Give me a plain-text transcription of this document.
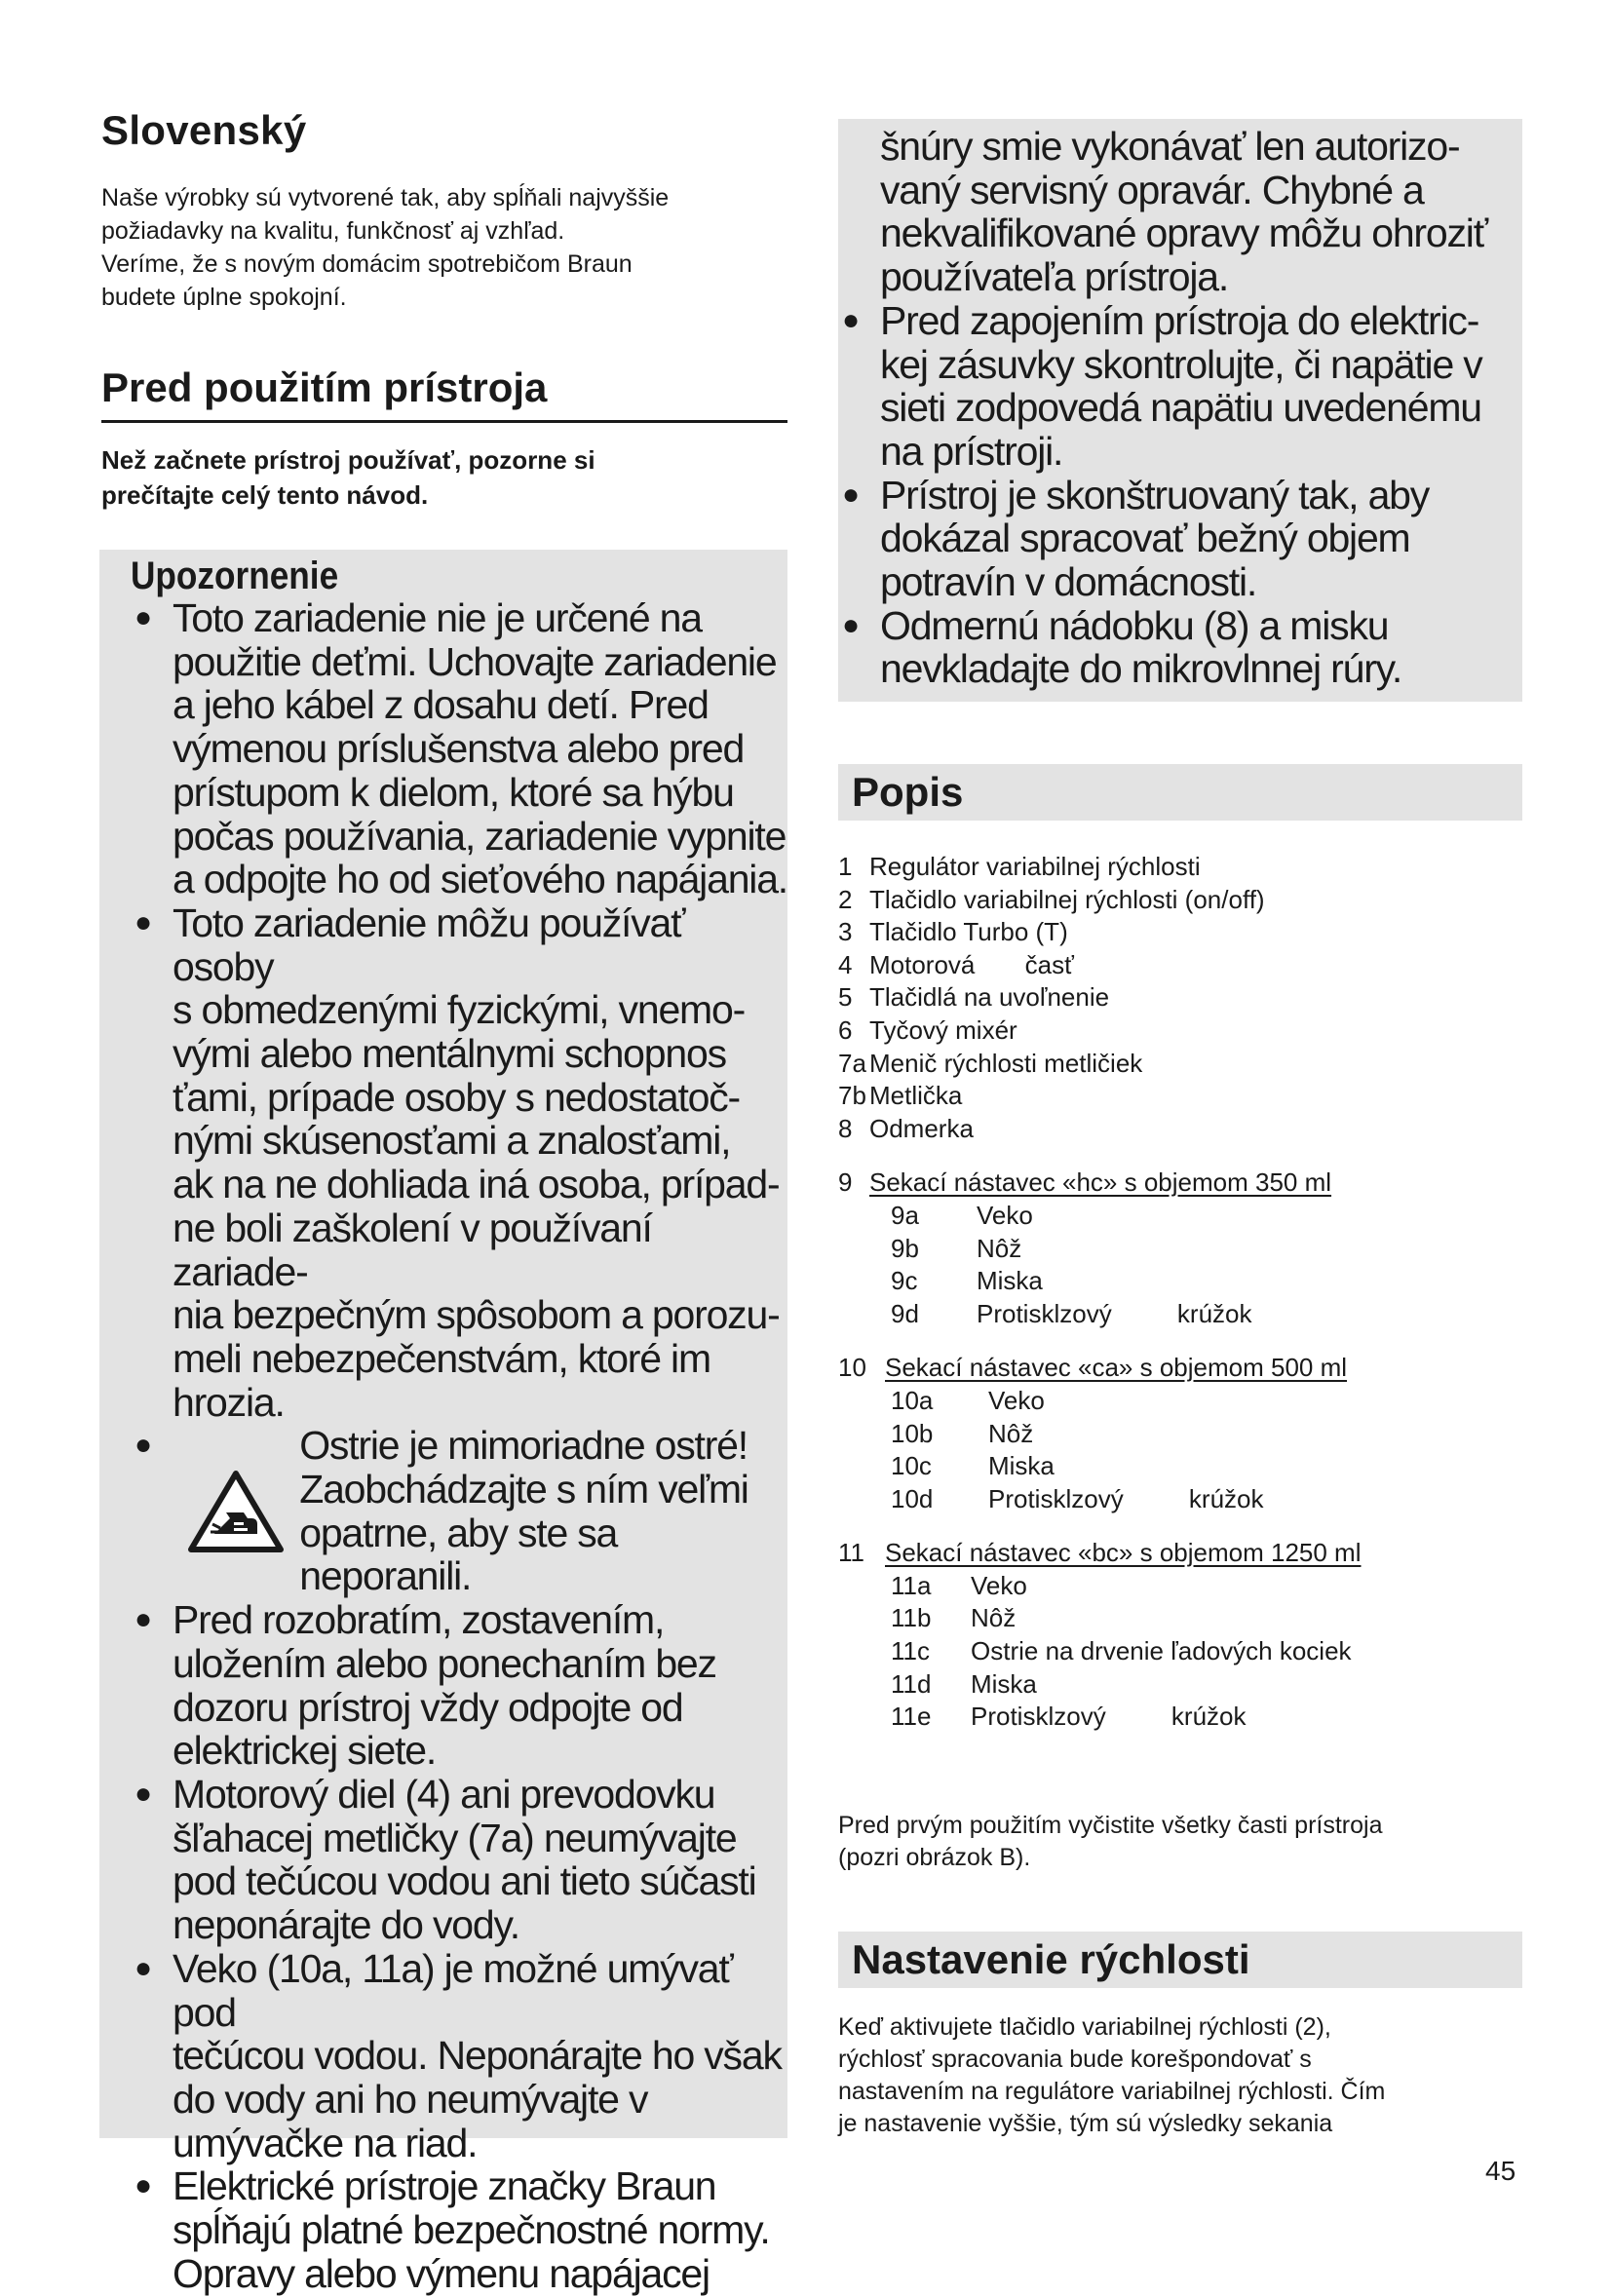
Slovenský

Naše výrobky sú vytvorené tak, aby spĺňali najvyššie

požiadavky na kvalitu, funkčnosť aj vzhľad.

Veríme, že s novým domácim spotrebičom Braun

budete úplne spokojní.

Pred použitím prístroja

Než začnete prístroj používať, pozorne si

prečítajte celý tento návod.

Upozornenie

● Toto zariadenie nie je určené na
použitie deťmi. Uchovajte zariadenie
a jeho kábel z dosahu detí. Pred
výmenou príslušenstva alebo pred
prístupom k dielom, ktoré sa hýbu
počas používania, zariadenie vypnite
a odpojte ho od sieťového napájania.
● Toto zariadenie môžu používať osoby
s obmedzenými fyzickými, vnemo-
vými alebo mentálnymi schopnos
ťami, prípade osoby s nedostatoč-
nými skúsenosťami a znalosťami,
ak na ne dohliada iná osoba, prípad-
ne boli zaškolení v používaní zariade-
nia bezpečným spôsobom a porozu-
meli nebezpečenstvám, ktoré im
hrozia.
●	Ostrie je mimoriadne ostré!
Zaobchádzajte s ním veľmi
opatrne, aby ste sa neporanili.
● Pred rozobratím, zostavením,
uložením alebo ponechaním bez
dozoru prístroj vždy odpojte od
elektrickej siete.
● Motorový diel (4) ani prevodovku
šľahacej metličky (7a) neumývajte
pod tečúcou vodou ani tieto súčasti
neponárajte do vody.
● Veko (10a, 11a) je možné umývať pod
tečúcou vodou. Neponárajte ho však
do vody ani ho neumývajte v
umývačke na riad.
● Elektrické prístroje značky Braun
spĺňajú platné bezpečnostné normy.
Opravy alebo výmenu napájacej
šnúry smie vykonávať len autorizo-
vaný servisný opravár. Chybné a
nekvalifikované opravy môžu ohroziť
používateľa prístroja.
● Pred zapojením prístroja do elektric-
kej zásuvky skontrolujte, či napätie v
sieti zodpovedá napätiu uvedenému
na prístroji.
● Prístroj je skonštruovaný tak, aby
dokázal spracovať bežný objem
potravín v domácnosti.
● Odmernú nádobku (8) a misku
nevkladajte do mikrovlnnej rúry.

Popis

1 Regulátor variabilnej rýchlosti
2 Tlačidlo variabilnej rýchlosti (on/off)
3 Tlačidlo Turbo (T)
4 Motorová časť
5 Tlačidlá na uvoľnenie
6 Tyčový mixér
7a Menič rýchlosti metličiek
7b Metlička
8 Odmerka
9 Sekací nástavec «hc» s objemom 350 ml
9a	Veko
9b	Nôž
9c	Miska
9d	Protisklzový krúžok
10 Sekací nástavec «ca» s objemom 500 ml
10a	Veko
10b	Nôž
10c	Miska
10d	Protisklzový krúžok
11 Sekací nástavec «bc» s objemom 1250 ml
11a	Veko
11b	Nôž
11c	Ostrie na drvenie ľadových kociek
11d	Miska
11e	Protisklzový krúžok

Pred prvým použitím vyčistite všetky časti prístroja

(pozri obrázok B).

Nastavenie rýchlosti

Keď aktivujete tlačidlo variabilnej rýchlosti (2),

rýchlosť spracovania bude korešpondovať s

nastavením na regulátore variabilnej rýchlosti. Čím

je nastavenie vyššie, tým sú výsledky sekania

45
